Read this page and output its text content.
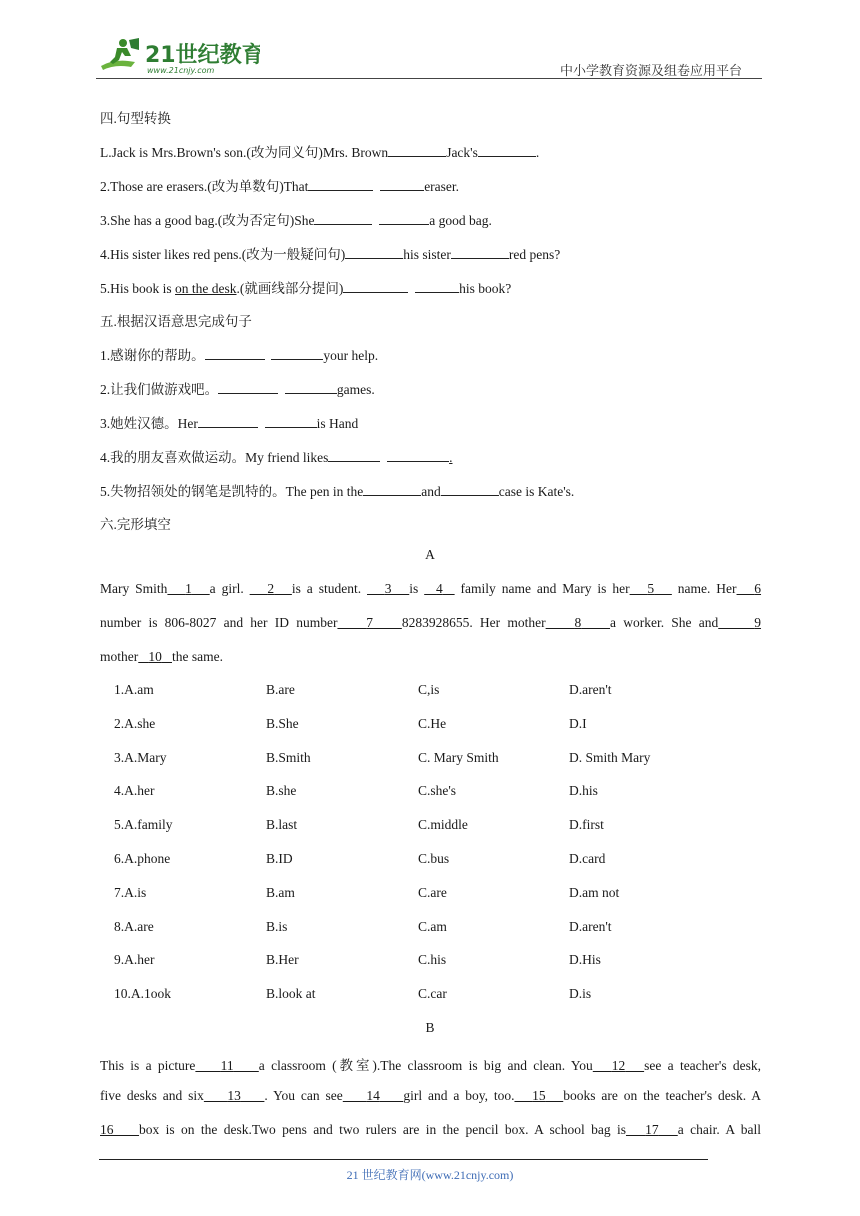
21世纪教育
www.21cnjy.com	中小学教育资源及组卷应用平台
四.句型转换
L.Jack is Mrs.Brown's son.(改为同义句)Mrs. Brown	Jack's	.
2.Those are erasers.(改为单数句)That	eraser.
3.She has a good bag.(改为否定句)She	a good bag.
4.His sister likes red pens.(改为一般疑问句)	his sister	red pens?
5.His book is on the desk.(就画线部分提问)	his book?
五.根据汉语意思完成句子
1.感谢你的帮助。	your help.
2.让我们做游戏吧。	games.
3.她姓汉德。Her	is Hand
4.我的朋友喜欢做运动。My friend likes	.
5.失物招领处的钢笔是凯特的。The pen in the	and	case is Kate's.
六.完形填空
A
Mary Smith 1 a girl. 2 is a student. 3 is 4 family name and Mary is her 5 name. Her 6
number is 806-8027 and her ID number 7 8283928655. Her mother 8 a worker. She and	9
mother 10 the same.
1.A.am	B.are	C,is	D.aren't
2.A.she	B.She	C.He	D.I
3.A.Mary	B.Smith	C. Mary Smith	D. Smith Mary
4.A.her	B.she	C.she's	D.his
5.A.family	B.last	C.middle	D.first
6.A.phone	B.ID	C.bus	D.card
7.A.is	B.am	C.are	D.am not
8.A.are	B.is	C.am	D.aren't
9.A.her	B.Her	C.his	D.His
10.A.1ook	B.look at	C.car	D.is
B
This is a picture 11 a classroom (教室).The classroom is big and clean. You 12 see a teacher's desk,
five desks and six 13 . You can see 14 girl and a boy, too. 15 books are on the teacher's desk. A
16 box is on the desk.Two pens and two rulers are in the pencil box. A school bag is 17 a chair. A ball
21 世纪教育网(www.21cnjy.com)
